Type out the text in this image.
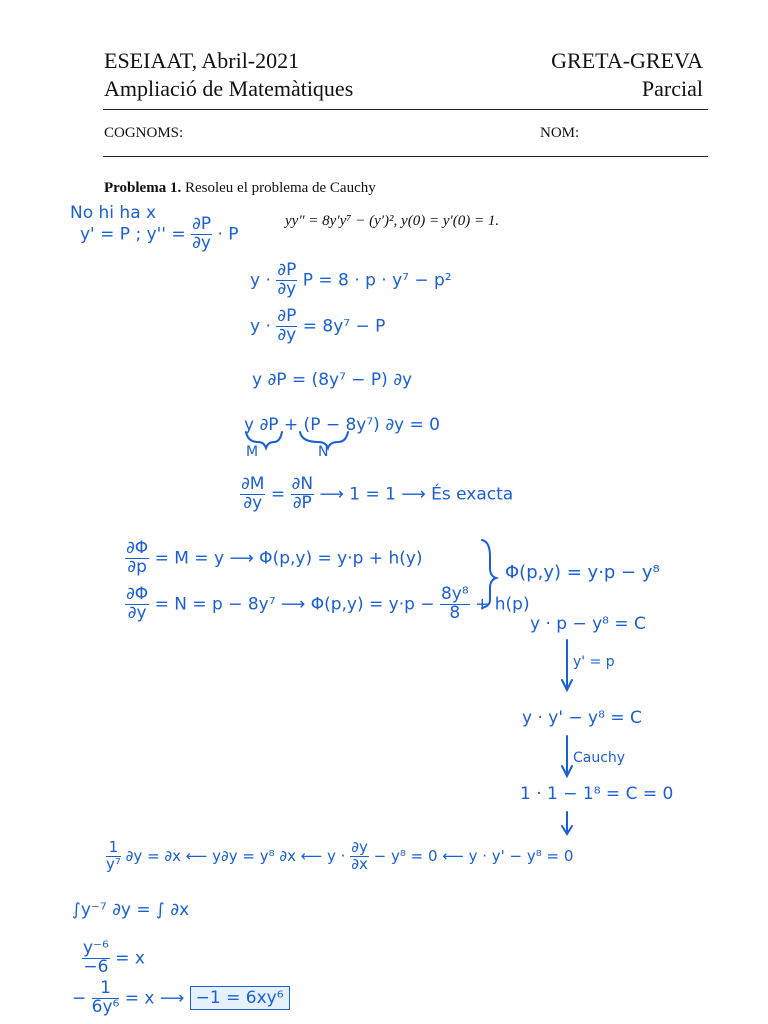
ESEIAAT, Abril-2021
Ampliació de Matemàtiques
GRETA-GREVA
Parcial
COGNOMS:	NOM:
Problema 1. Resoleu el problema de Cauchy
yy″ = 8y′y⁷ − (y′)², y(0) = y′(0) = 1.
No hi ha x
y' = P ; $y'' = \frac{\partial P}{\partial y} \cdot P$
$y \cdot \frac{\partial P}{\partial y}$ P = 8 · p · y⁷ − p²
$y \cdot \frac{\partial P}{\partial y} = 8y^7 - P$
y ∂P = (8y⁷ − P) ∂y
y ∂P + (P − 8y⁷) ∂y = 0
M	N
$\frac{\partial M}{\partial y} = \frac{\partial N}{\partial P}$ ⟶ 1 = 1 ⟶ És exacta
$\frac{\partial\Phi}{\partial p} = M = y$ ⟶ Φ(p,y) = y·p + h(y)
$\frac{\partial\Phi}{\partial y} = N = p - 8y^7$ ⟶ $\Phi(p,y) = y\cdot p - \frac{\text{8y⁸}}{8} + h(p)$
Φ(p,y) = y·p − y⁸
y · p − y⁸ = C
y' = p
y · y' − y⁸ = C
Cauchy
1 · 1 − 1⁸ = C = 0
$\frac{1}{\text{y⁷}} \partial y = \partial x$ ⟵ y∂y = y⁸ ∂x ⟵ $y \cdot \frac{\partial y}{\partial x} - y^8 = 0$ ⟵ y · y' − y⁸ = 0
∫y⁻⁷ ∂y = ∫ ∂x
$\frac{\text{y⁻⁶}}{-6} = x$
− $\frac{1}{\text{6y⁶}} = x$ ⟶ −1 = 6xy⁶
